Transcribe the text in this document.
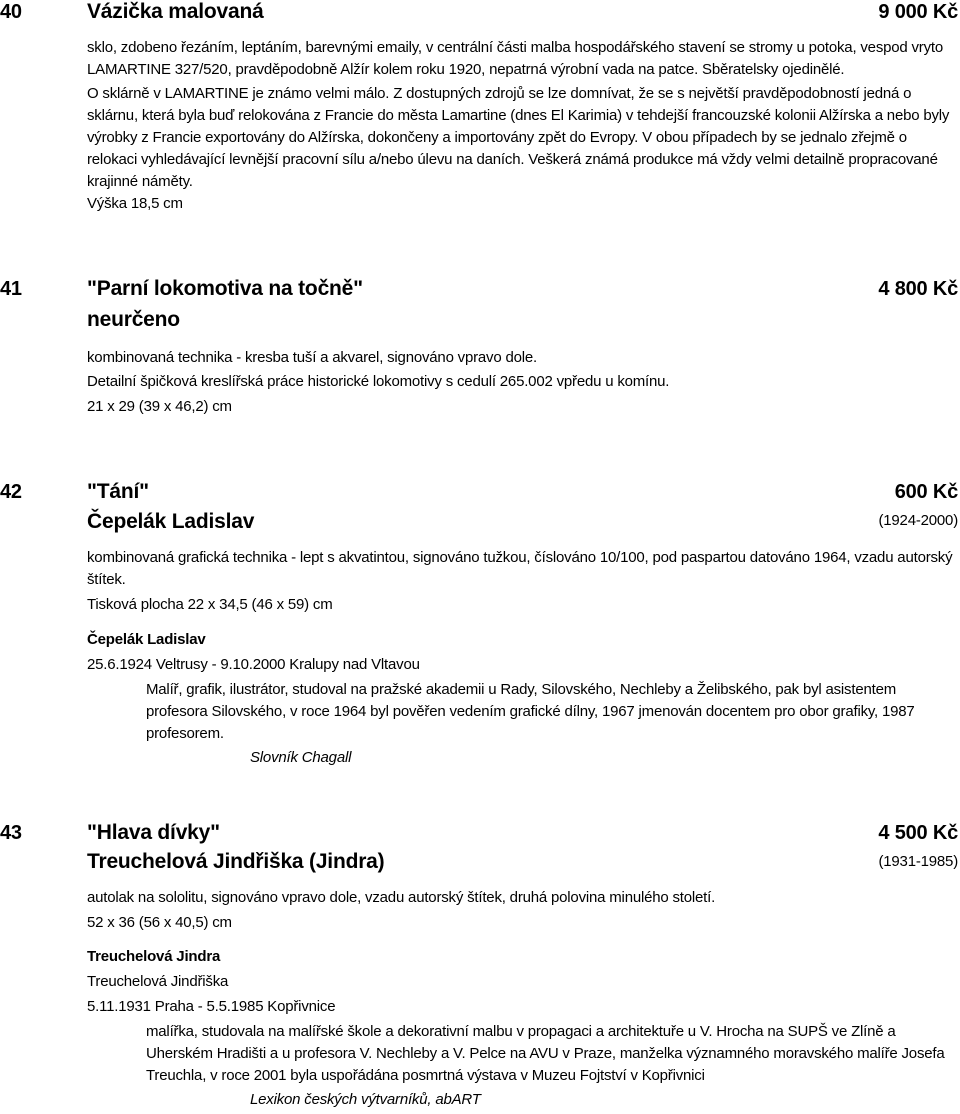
40	Vázička malovaná	9 000 Kč
sklo, zdobeno řezáním, leptáním, barevnými emaily, v centrální části malba hospodářského stavení se stromy u potoka, vespod vryto LAMARTINE 327/520, pravděpodobně Alžír kolem roku 1920, nepatrná výrobní vada na patce. Sběratelsky ojedinělé.
O sklárně v LAMARTINE je známo velmi málo. Z dostupných zdrojů se lze domnívat, že se s největší pravděpodobností jedná o sklárnu, která byla buď relokována z Francie do města Lamartine (dnes El Karimia) v tehdejší francouzské kolonii Alžírska a nebo byly výrobky z Francie exportovány do Alžírska, dokončeny a importovány zpět do Evropy. V obou případech by se jednalo zřejmě o relokaci vyhledávající levnější pracovní sílu a/nebo úlevu na daních. Veškerá známá produkce má vždy velmi detailně propracované krajinné náměty.
Výška 18,5 cm
41	"Parní lokomotiva na točně"	4 800 Kč
neurčeno
kombinovaná technika - kresba tuší a akvarel, signováno vpravo dole.
Detailní špičková kreslířská práce historické lokomotivy s cedulí 265.002 vpředu u komínu.
21 x 29 (39 x 46,2) cm
42	"Tání"	600 Kč
Čepelák Ladislav	(1924-2000)
kombinovaná grafická technika - lept s akvatintou, signováno tužkou, číslováno 10/100, pod paspartou datováno 1964, vzadu autorský štítek.
Tisková plocha 22 x 34,5 (46 x 59) cm
Čepelák Ladislav
25.6.1924 Veltrusy - 9.10.2000 Kralupy nad Vltavou
Malíř, grafik, ilustrátor, studoval na pražské akademii u Rady, Silovského, Nechleby a Želibského, pak byl asistentem profesora Silovského, v roce 1964 byl pověřen vedením grafické dílny, 1967 jmenován docentem pro obor grafiky, 1987 profesorem.
Slovník Chagall
43	"Hlava dívky"	4 500 Kč
Treuchelová Jindřiška (Jindra)	(1931-1985)
autolak na sololitu, signováno vpravo dole, vzadu autorský štítek, druhá polovina minulého století.
52 x 36 (56 x 40,5) cm
Treuchelová Jindra
Treuchelová Jindřiška
5.11.1931 Praha - 5.5.1985 Kopřivnice
malířka, studovala na malířské škole a dekorativní malbu v propagaci a architektuře u V. Hrocha na SUPŠ ve Zlíně a Uherském Hradišti a u profesora V. Nechleby a V. Pelce na AVU v Praze, manželka významného moravského malíře Josefa Treuchla, v roce 2001 byla uspořádána posmrtná výstava v Muzeu Fojtství v Kopřivnici
Lexikon českých výtvarníků, abART
